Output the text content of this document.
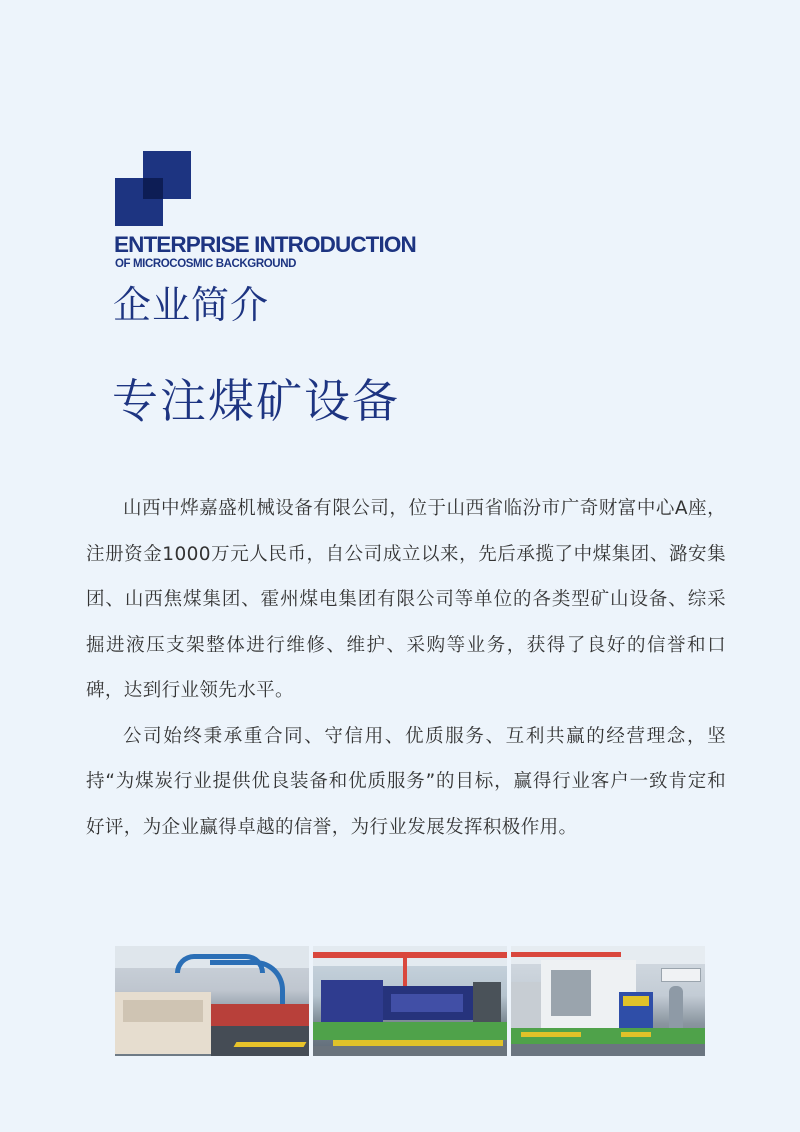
ENTERPRISE INTRODUCTION
OF MICROCOSMIC BACKGROUND
企业简介
专注煤矿设备

山西中烨嘉盛机械设备有限公司，位于山西省临汾市广奇财富中心A座，注册资金1000万元人民币，自公司成立以来，先后承揽了中煤集团、潞安集团、山西焦煤集团、霍州煤电集团有限公司等单位的各类型矿山设备、综采掘进液压支架整体进行维修、维护、采购等业务，获得了良好的信誉和口碑，达到行业领先水平。

公司始终秉承重合同、守信用、优质服务、互利共赢的经营理念，坚持“为煤炭行业提供优良装备和优质服务”的目标，赢得行业客户一致肯定和好评，为企业赢得卓越的信誉，为行业发展发挥积极作用。
